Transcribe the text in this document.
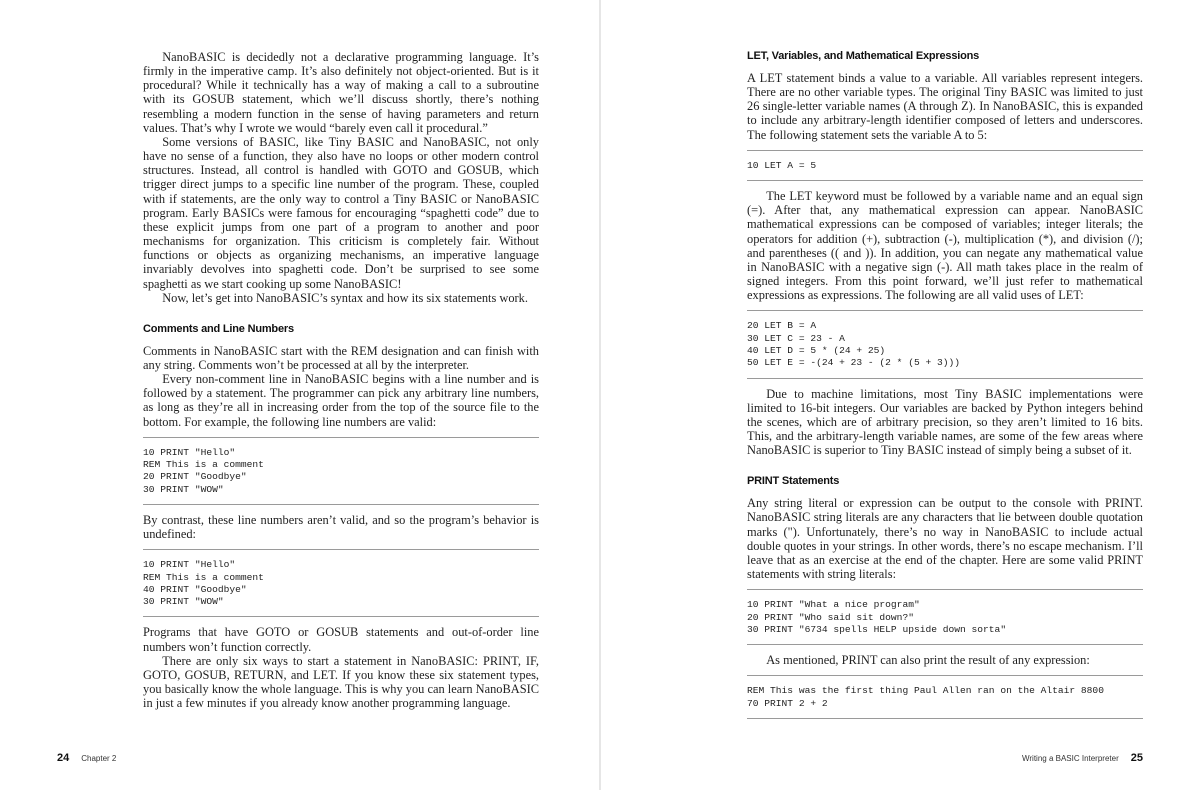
NanoBASIC is decidedly not a declarative programming language. It’s firmly in the imperative camp. It’s also definitely not object-oriented. But is it procedural? While it technically has a way of making a call to a subroutine with its GOSUB statement, which we’ll discuss shortly, there’s nothing resembling a modern function in the sense of having parameters and return values. That’s why I wrote we would “barely even call it procedural.”

Some versions of BASIC, like Tiny BASIC and NanoBASIC, not only have no sense of a function, they also have no loops or other modern control structures. Instead, all control is handled with GOTO and GOSUB, which trigger direct jumps to a specific line number of the program. These, coupled with if statements, are the only way to control a Tiny BASIC or NanoBASIC program. Early BASICs were famous for encouraging “spaghetti code” due to these explicit jumps from one part of a program to another and poor mechanisms for organization. This criticism is completely fair. Without functions or objects as organizing mechanisms, an imperative language invariably devolves into spaghetti code. Don’t be surprised to see some spaghetti as we start cooking up some NanoBASIC!

Now, let’s get into NanoBASIC’s syntax and how its six statements work.

Comments and Line Numbers

Comments in NanoBASIC start with the REM designation and can finish with any string. Comments won’t be processed at all by the interpreter.

Every non-comment line in NanoBASIC begins with a line number and is followed by a statement. The programmer can pick any arbitrary line numbers, as long as they’re all in increasing order from the top of the source file to the bottom. For example, the following line numbers are valid:

10 PRINT "Hello"
REM This is a comment
20 PRINT "Goodbye"
30 PRINT "WOW"

By contrast, these line numbers aren’t valid, and so the program’s behavior is undefined:

10 PRINT "Hello"
REM This is a comment
40 PRINT "Goodbye"
30 PRINT "WOW"

Programs that have GOTO or GOSUB statements and out-of-order line numbers won’t function correctly.

There are only six ways to start a statement in NanoBASIC: PRINT, IF, GOTO, GOSUB, RETURN, and LET. If you know these six statement types, you basically know the whole language. This is why you can learn NanoBASIC in just a few minutes if you already know another programming language.

24 Chapter 2
LET, Variables, and Mathematical Expressions

A LET statement binds a value to a variable. All variables represent integers. There are no other variable types. The original Tiny BASIC was limited to just 26 single-letter variable names (A through Z). In NanoBASIC, this is expanded to include any arbitrary-length identifier composed of letters and underscores. The following statement sets the variable A to 5:

10 LET A = 5

The LET keyword must be followed by a variable name and an equal sign (=). After that, any mathematical expression can appear. NanoBASIC mathematical expressions can be composed of variables; integer literals; the operators for addition (+), subtraction (-), multiplication (*), and division (/); and parentheses (( and )). In addition, you can negate any mathematical value in NanoBASIC with a negative sign (-). All math takes place in the realm of signed integers. From this point forward, we’ll just refer to mathematical expressions as expressions. The following are all valid uses of LET:

20 LET B = A
30 LET C = 23 - A
40 LET D = 5 * (24 + 25)
50 LET E = -(24 + 23 - (2 * (5 + 3)))

Due to machine limitations, most Tiny BASIC implementations were limited to 16-bit integers. Our variables are backed by Python integers behind the scenes, which are of arbitrary precision, so they aren’t limited to 16 bits. This, and the arbitrary-length variable names, are some of the few areas where NanoBASIC is superior to Tiny BASIC instead of simply being a subset of it.

PRINT Statements

Any string literal or expression can be output to the console with PRINT. NanoBASIC string literals are any characters that lie between double quotation marks ("). Unfortunately, there’s no way in NanoBASIC to include actual double quotes in your strings. In other words, there’s no escape mechanism. I’ll leave that as an exercise at the end of the chapter. Here are some valid PRINT statements with string literals:

10 PRINT "What a nice program"
20 PRINT "Who said sit down?"
30 PRINT "6734 spells HELP upside down sorta"

As mentioned, PRINT can also print the result of any expression:

REM This was the first thing Paul Allen ran on the Altair 8800
70 PRINT 2 + 2
Writing a BASIC Interpreter 25
